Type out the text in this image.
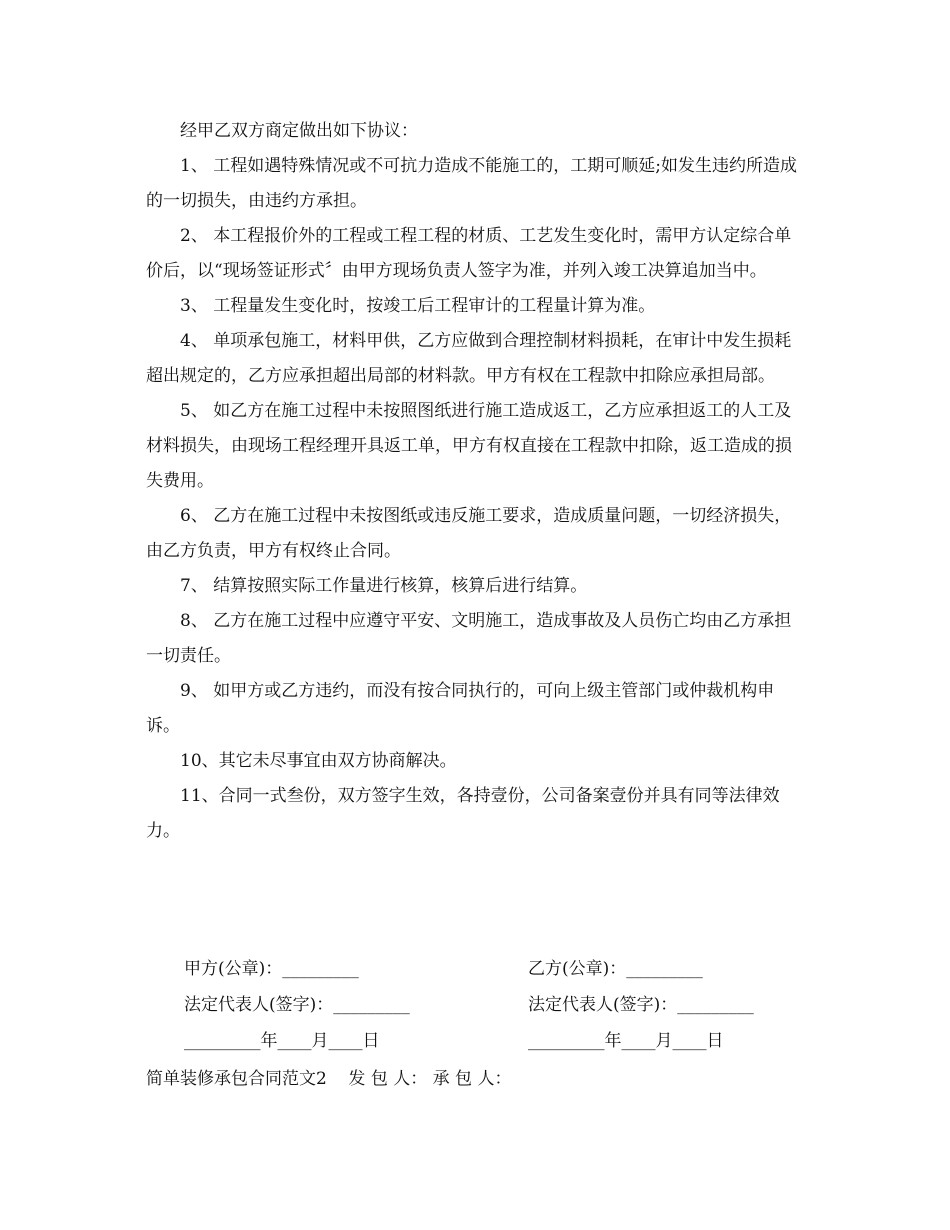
经甲乙双方商定做出如下协议：

1、 工程如遇特殊情况或不可抗力造成不能施工的，工期可顺延;如发生违约所造成的一切损失，由违约方承担。

2、 本工程报价外的工程或工程工程的材质、工艺发生变化时，需甲方认定综合单价后，以“现场签证形式〞由甲方现场负责人签字为准，并列入竣工决算追加当中。

3、 工程量发生变化时，按竣工后工程审计的工程量计算为准。

4、 单项承包施工，材料甲供，乙方应做到合理控制材料损耗，在审计中发生损耗超出规定的，乙方应承担超出局部的材料款。甲方有权在工程款中扣除应承担局部。

5、 如乙方在施工过程中未按照图纸进行施工造成返工，乙方应承担返工的人工及材料损失，由现场工程经理开具返工单，甲方有权直接在工程款中扣除，返工造成的损失费用。

6、 乙方在施工过程中未按图纸或违反施工要求，造成质量问题，一切经济损失，由乙方负责，甲方有权终止合同。

7、 结算按照实际工作量进行核算，核算后进行结算。

8、 乙方在施工过程中应遵守平安、文明施工，造成事故及人员伤亡均由乙方承担一切责任。

9、 如甲方或乙方违约，而没有按合同执行的，可向上级主管部门或仲裁机构申诉。

10、其它未尽事宜由双方协商解决。

11、合同一式叁份，双方签字生效，各持壹份，公司备案壹份并具有同等法律效力。

甲方(公章)：_________
法定代表人(签字)：_________
_________年____月____日
乙方(公章)：_________
法定代表人(签字)：_________
_________年____月____日
简单装修承包合同范文2    发 包 人： 承 包 人：
